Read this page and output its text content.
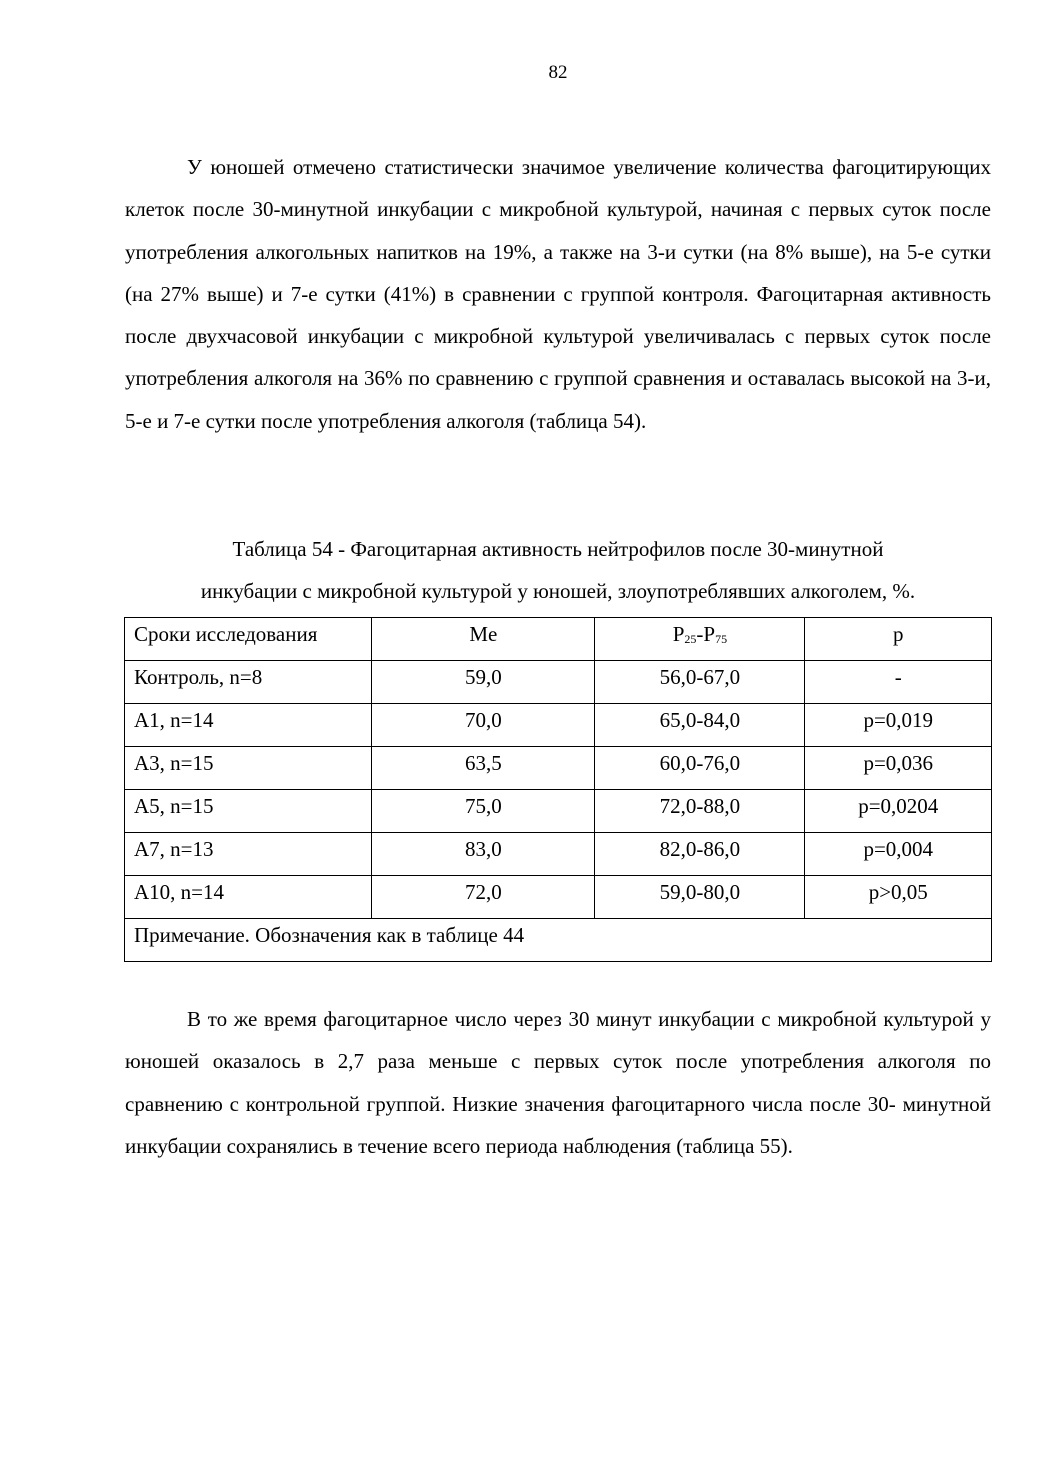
82

У юношей отмечено статистически значимое увеличение количества фагоцитирующих клеток после 30-минутной инкубации с микробной культурой, начиная с первых суток после употребления алкогольных напитков на 19%, а также на 3-и сутки (на 8% выше), на 5-е сутки (на 27% выше) и 7-е сутки (41%) в сравнении с группой контроля. Фагоцитарная активность после двухчасовой инкубации с микробной культурой увеличивалась с первых суток после употребления алкоголя на 36% по сравнению с группой сравнения и оставалась высокой на 3-и, 5-е и 7-е сутки после употребления алкоголя (таблица 54).

Таблица 54 - Фагоцитарная активность нейтрофилов после 30-минутной
инкубации с микробной культурой у юношей, злоупотреблявших алкоголем, %.
Сроки исследования	Me	$P_{25}-P_{75}$	p
Контроль, n=8	59,0	56,0-67,0	-
А1, n=14	70,0	65,0-84,0	p=0,019
А3, n=15	63,5	60,0-76,0	p=0,036
А5, n=15	75,0	72,0-88,0	p=0,0204
А7, n=13	83,0	82,0-86,0	p=0,004
А10, n=14	72,0	59,0-80,0	p>0,05
Примечание. Обозначения как в таблице 44			

В то же время фагоцитарное число через 30 минут инкубации с микробной культурой у юношей оказалось в 2,7 раза меньше с первых суток после употребления алкоголя по сравнению с контрольной группой. Низкие значения фагоцитарного числа после 30- минутной инкубации сохранялись в течение всего периода наблюдения (таблица 55).
